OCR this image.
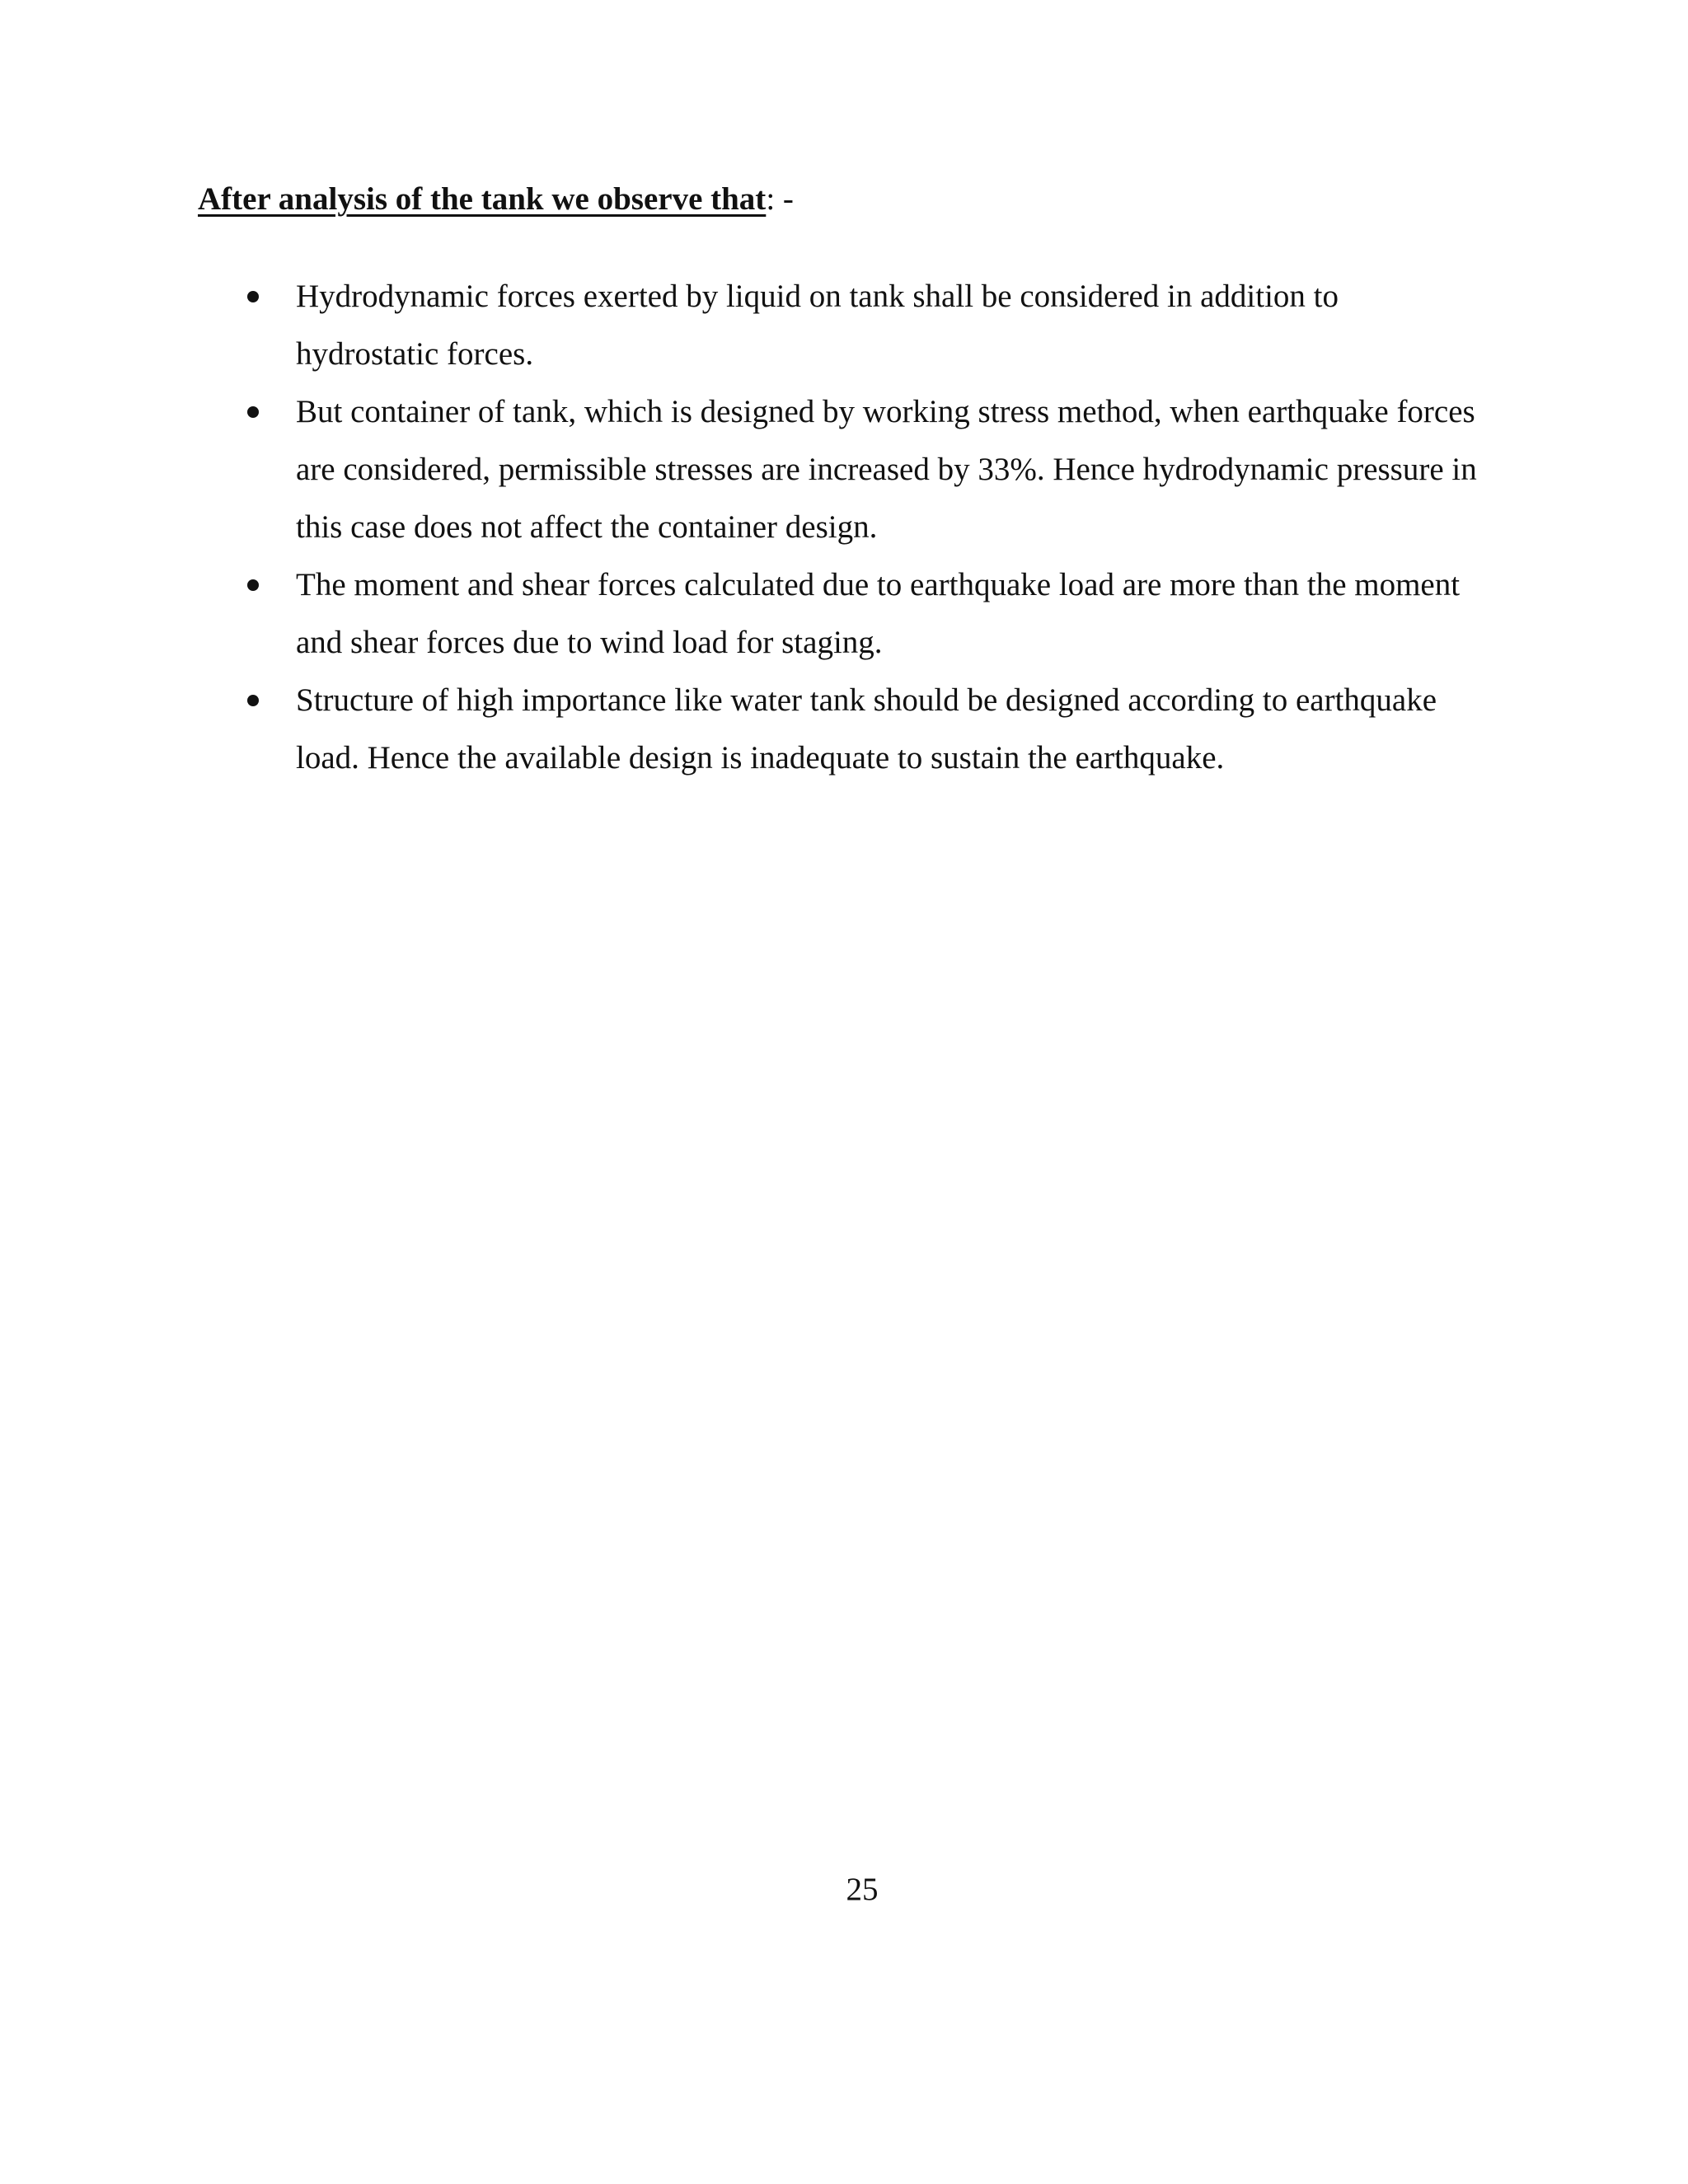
After analysis of the tank we observe that: -
Hydrodynamic forces exerted by liquid on tank shall be considered in addition to hydrostatic forces.
But container of tank, which is designed by working stress method, when earthquake forces are considered, permissible stresses are increased by 33%. Hence hydrodynamic pressure in this case does not affect the container design.
The moment and shear forces calculated due to earthquake load are more than the moment and shear forces due to wind load for staging.
Structure of high importance like water tank should be designed according to earthquake load. Hence the available design is inadequate to sustain the earthquake.
25
